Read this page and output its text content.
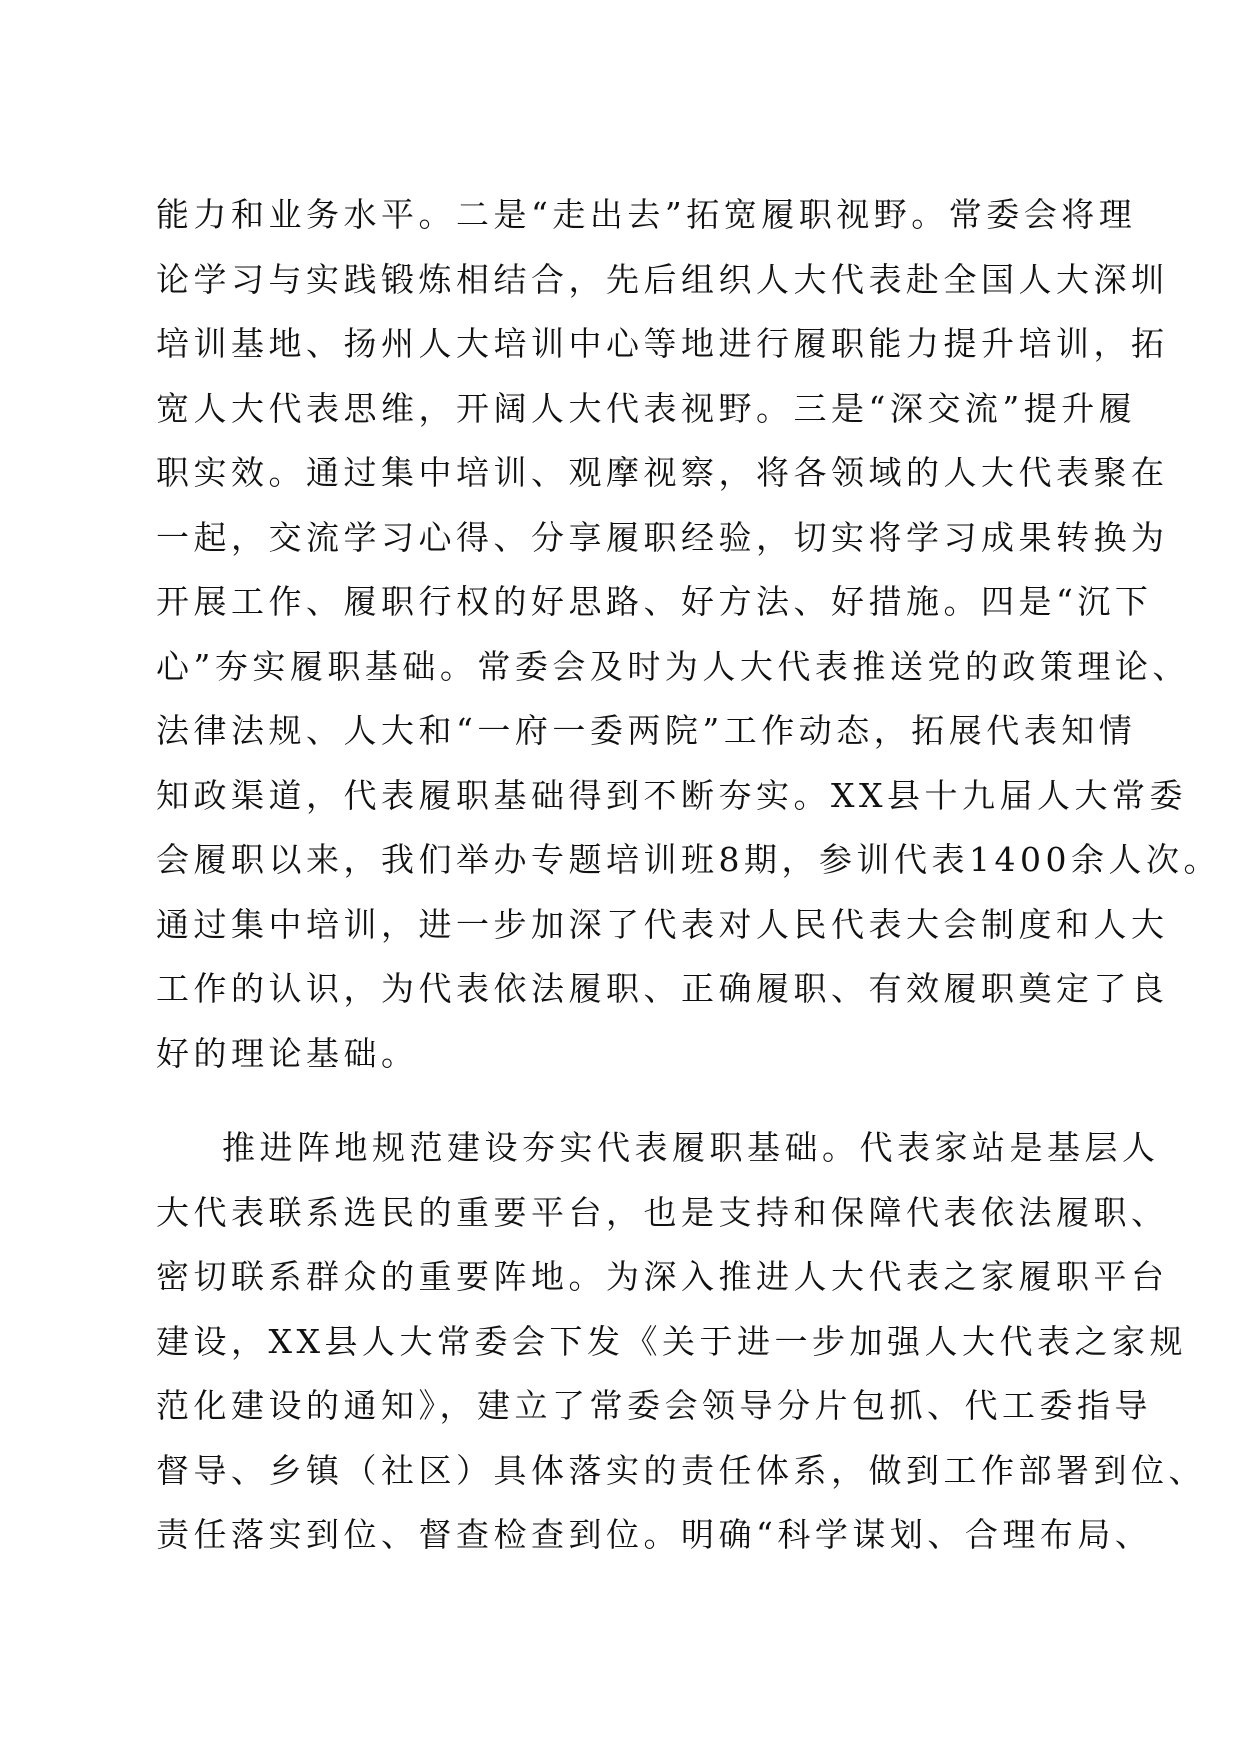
能力和业务水平。二是“走出去”拓宽履职视野。常委会将理
论学习与实践锻炼相结合，先后组织人大代表赴全国人大深圳
培训基地、扬州人大培训中心等地进行履职能力提升培训，拓
宽人大代表思维，开阔人大代表视野。三是“深交流”提升履
职实效。通过集中培训、观摩视察，将各领域的人大代表聚在
一起，交流学习心得、分享履职经验，切实将学习成果转换为
开展工作、履职行权的好思路、好方法、好措施。四是“沉下
心”夯实履职基础。常委会及时为人大代表推送党的政策理论、
法律法规、人大和“一府一委两院”工作动态，拓展代表知情
知政渠道，代表履职基础得到不断夯实。XX县十九届人大常委
会履职以来，我们举办专题培训班8期，参训代表1400余人次。
通过集中培训，进一步加深了代表对人民代表大会制度和人大
工作的认识，为代表依法履职、正确履职、有效履职奠定了良
好的理论基础。
推进阵地规范建设夯实代表履职基础。代表家站是基层人
大代表联系选民的重要平台，也是支持和保障代表依法履职、
密切联系群众的重要阵地。为深入推进人大代表之家履职平台
建设，XX县人大常委会下发《关于进一步加强人大代表之家规
范化建设的通知》，建立了常委会领导分片包抓、代工委指导
督导、乡镇（社区）具体落实的责任体系，做到工作部署到位、
责任落实到位、督查检查到位。明确“科学谋划、合理布局、
